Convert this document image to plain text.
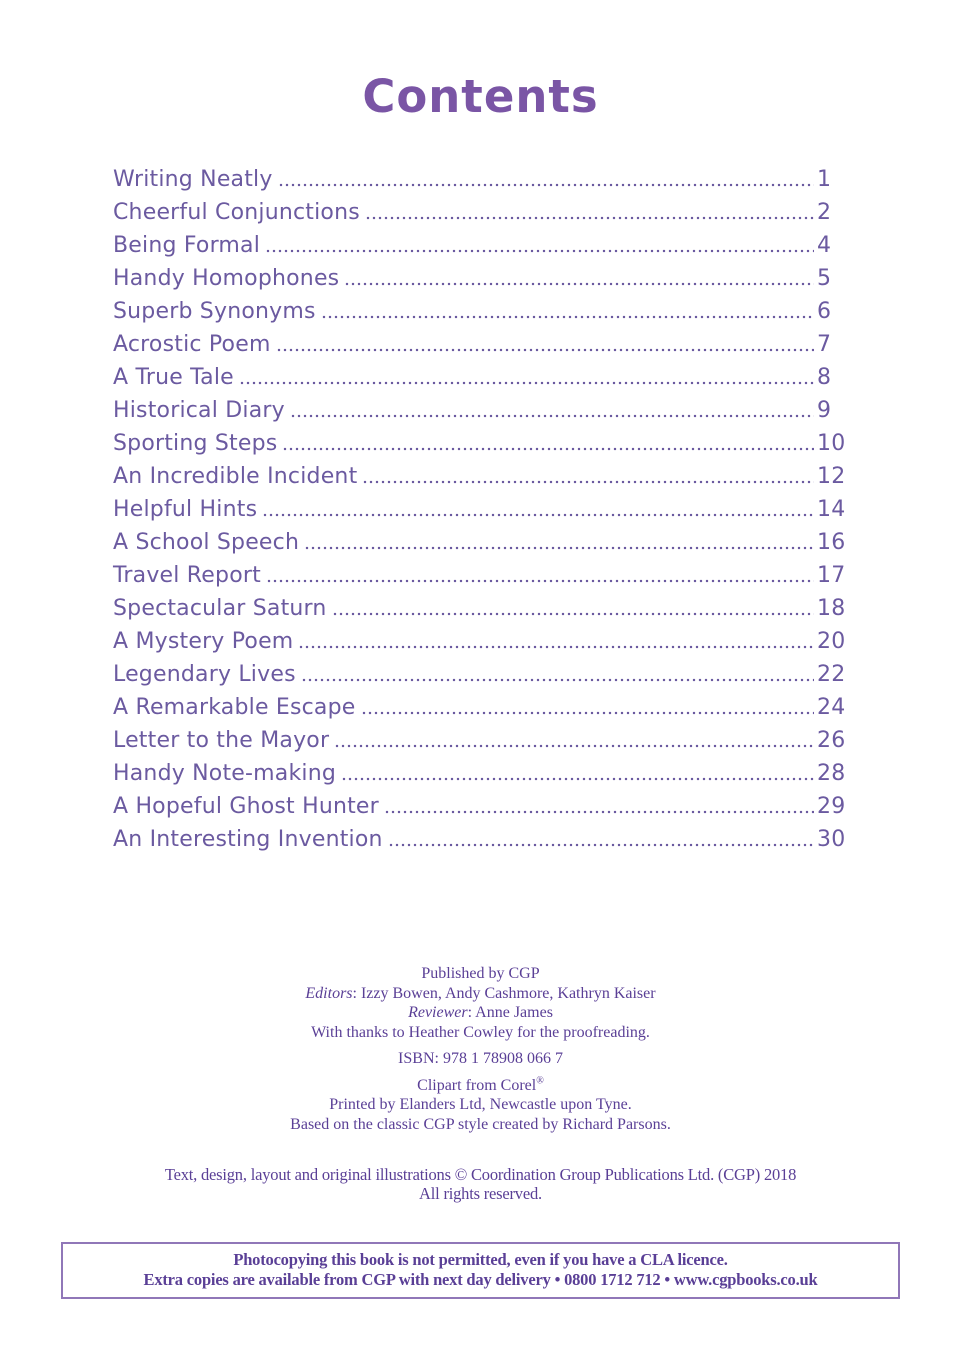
Contents
Writing Neatly	1
Cheerful Conjunctions	2
Being Formal	4
Handy Homophones	5
Superb Synonyms	6
Acrostic Poem	7
A True Tale	8
Historical Diary	9
Sporting Steps	10
An Incredible Incident	12
Helpful Hints	14
A School Speech	16
Travel Report	17
Spectacular Saturn	18
A Mystery Poem	20
Legendary Lives	22
A Remarkable Escape	24
Letter to the Mayor	26
Handy Note-making	28
A Hopeful Ghost Hunter	29
An Interesting Invention	30
Published by CGP
Editors: Izzy Bowen, Andy Cashmore, Kathryn Kaiser
Reviewer: Anne James
With thanks to Heather Cowley for the proofreading.
ISBN: 978 1 78908 066 7
Clipart from Corel®
Printed by Elanders Ltd, Newcastle upon Tyne.
Based on the classic CGP style created by Richard Parsons.
Text, design, layout and original illustrations © Coordination Group Publications Ltd. (CGP) 2018
All rights reserved.
Photocopying this book is not permitted, even if you have a CLA licence.
Extra copies are available from CGP with next day delivery • 0800 1712 712 • www.cgpbooks.co.uk
